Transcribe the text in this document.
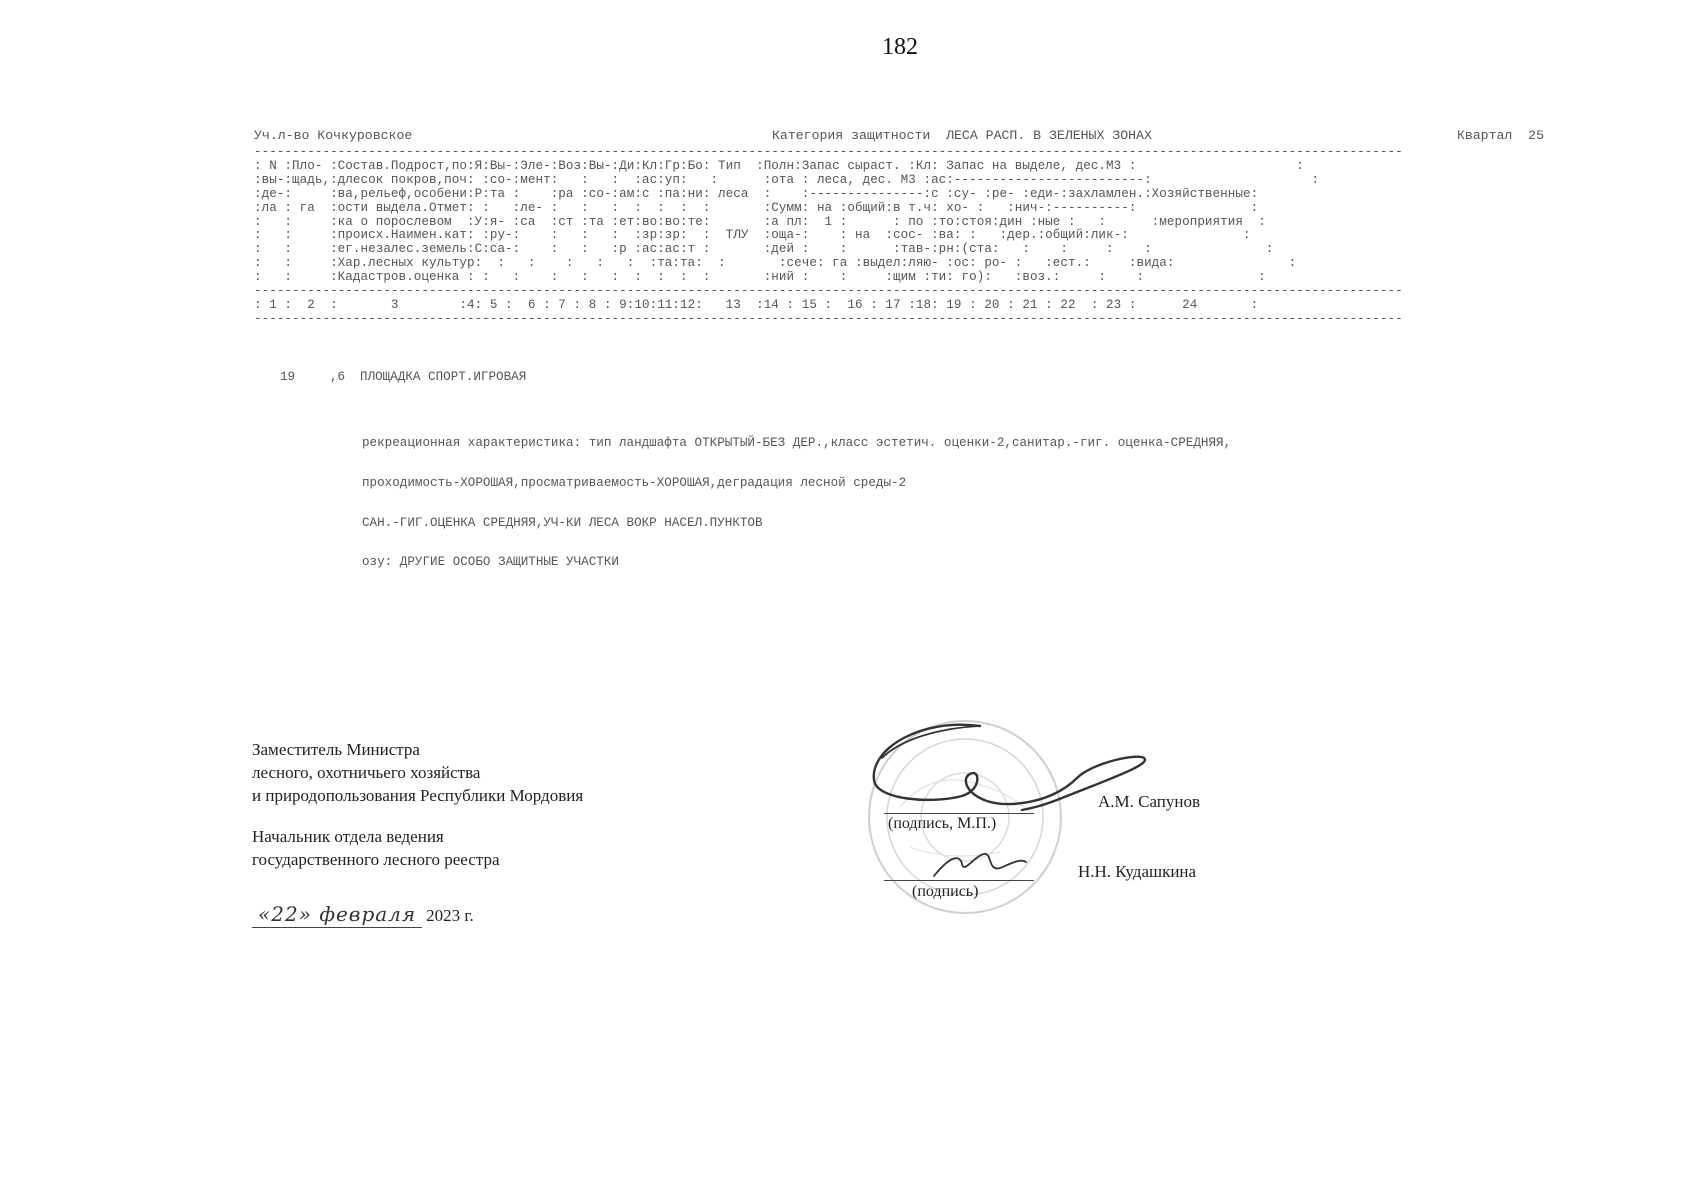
182
Уч.л-во Кочкуровское	Категория защитности  ЛЕСА РАСП. В ЗЕЛЕНЫХ ЗОНАХ	Квартал  25
-------------------------------------------------------------------------------------------------------------------------------------------------------
: N :Пло- :Состав.Подрост,по:Я:Вы-:Эле-:Воз:Вы-:Ди:Кл:Гр:Бо: Тип  :Полн:Запас сыраст. :Кл: Запас на выделе, дес.М3 :                     :
:вы-:щадь,:длесок покров,поч: :со-:мент:   :   :  :ас:уп:   :      :ота : леса, дес. М3 :ас:-------------------------:                     :
:де-:     :ва,рельеф,особени:Р:та :    :ра :со-:ам:с :па:ни: леса  :    :---------------:с :су- :ре- :еди-:захламлен.:Хозяйственные:
:ла : га  :ости выдела.Отмет: :   :ле- :   :   :  :  :  :  :       :Сумм: на :общий:в т.ч: хо- :   :нич-:----------:               :
:   :     :ка о порослевом  :У:я- :са  :ст :та :ет:во:во:те:       :а пл:  1 :      : по :то:стоя:дин :ные :   :      :мероприятия  :
:   :     :происх.Наимен.кат: :ру-:    :   :   :  :зр:зр:  :  ТЛУ  :оща-:    : на  :сос- :ва: :   :дер.:общий:лик-:               :
:   :     :ег.незалес.земель:С:са-:    :   :   :р :ас:ас:т :       :дей :    :      :тав-:рн:(ста:   :    :     :    :               :
:   :     :Хар.лесных культур:  :   :    :   :   :  :та:та:  :       :сече: га :выдел:ляю- :ос: ро- :   :ест.:     :вида:               :
:   :     :Кадастров.оценка : :   :    :   :   :  :  :  :  :       :ний :    :     :щим :ти: го):   :воз.:     :    :               :
-------------------------------------------------------------------------------------------------------------------------------------------------------
: 1 :  2  :       3        :4: 5 :  6 : 7 : 8 : 9:10:11:12:   13  :14 : 15 :  16 : 17 :18: 19 : 20 : 21 : 22  : 23 :      24       :
-------------------------------------------------------------------------------------------------------------------------------------------------------

19	,6 ПЛОЩАДКА СПОРТ.ИГРОВАЯ

рекреационная характеристика: тип ландшафта ОТКРЫТЫЙ-БЕЗ ДЕР.,класс эстетич. оценки-2,санитар.-гиг. оценка-СРЕДНЯЯ,

проходимость-ХОРОШАЯ,просматриваемость-ХОРОШАЯ,дегрaдация лесной среды-2

САН.-ГИГ.ОЦЕНКА СРЕДНЯЯ,УЧ-КИ ЛЕСА ВОКР НАСЕЛ.ПУНКТОВ

озу: ДРУГИЕ ОСОБО ЗАЩИТНЫЕ УЧАСТКИ

Заместитель Министра
лесного, охотничьего хозяйства
и природопользования Республики Мордовия
Начальник отдела ведения
государственного лесного реестра
«22» февраля 2023 г.
(подпись, М.П.)
А.М. Сапунов
(подпись)
Н.Н. Кудашкина
